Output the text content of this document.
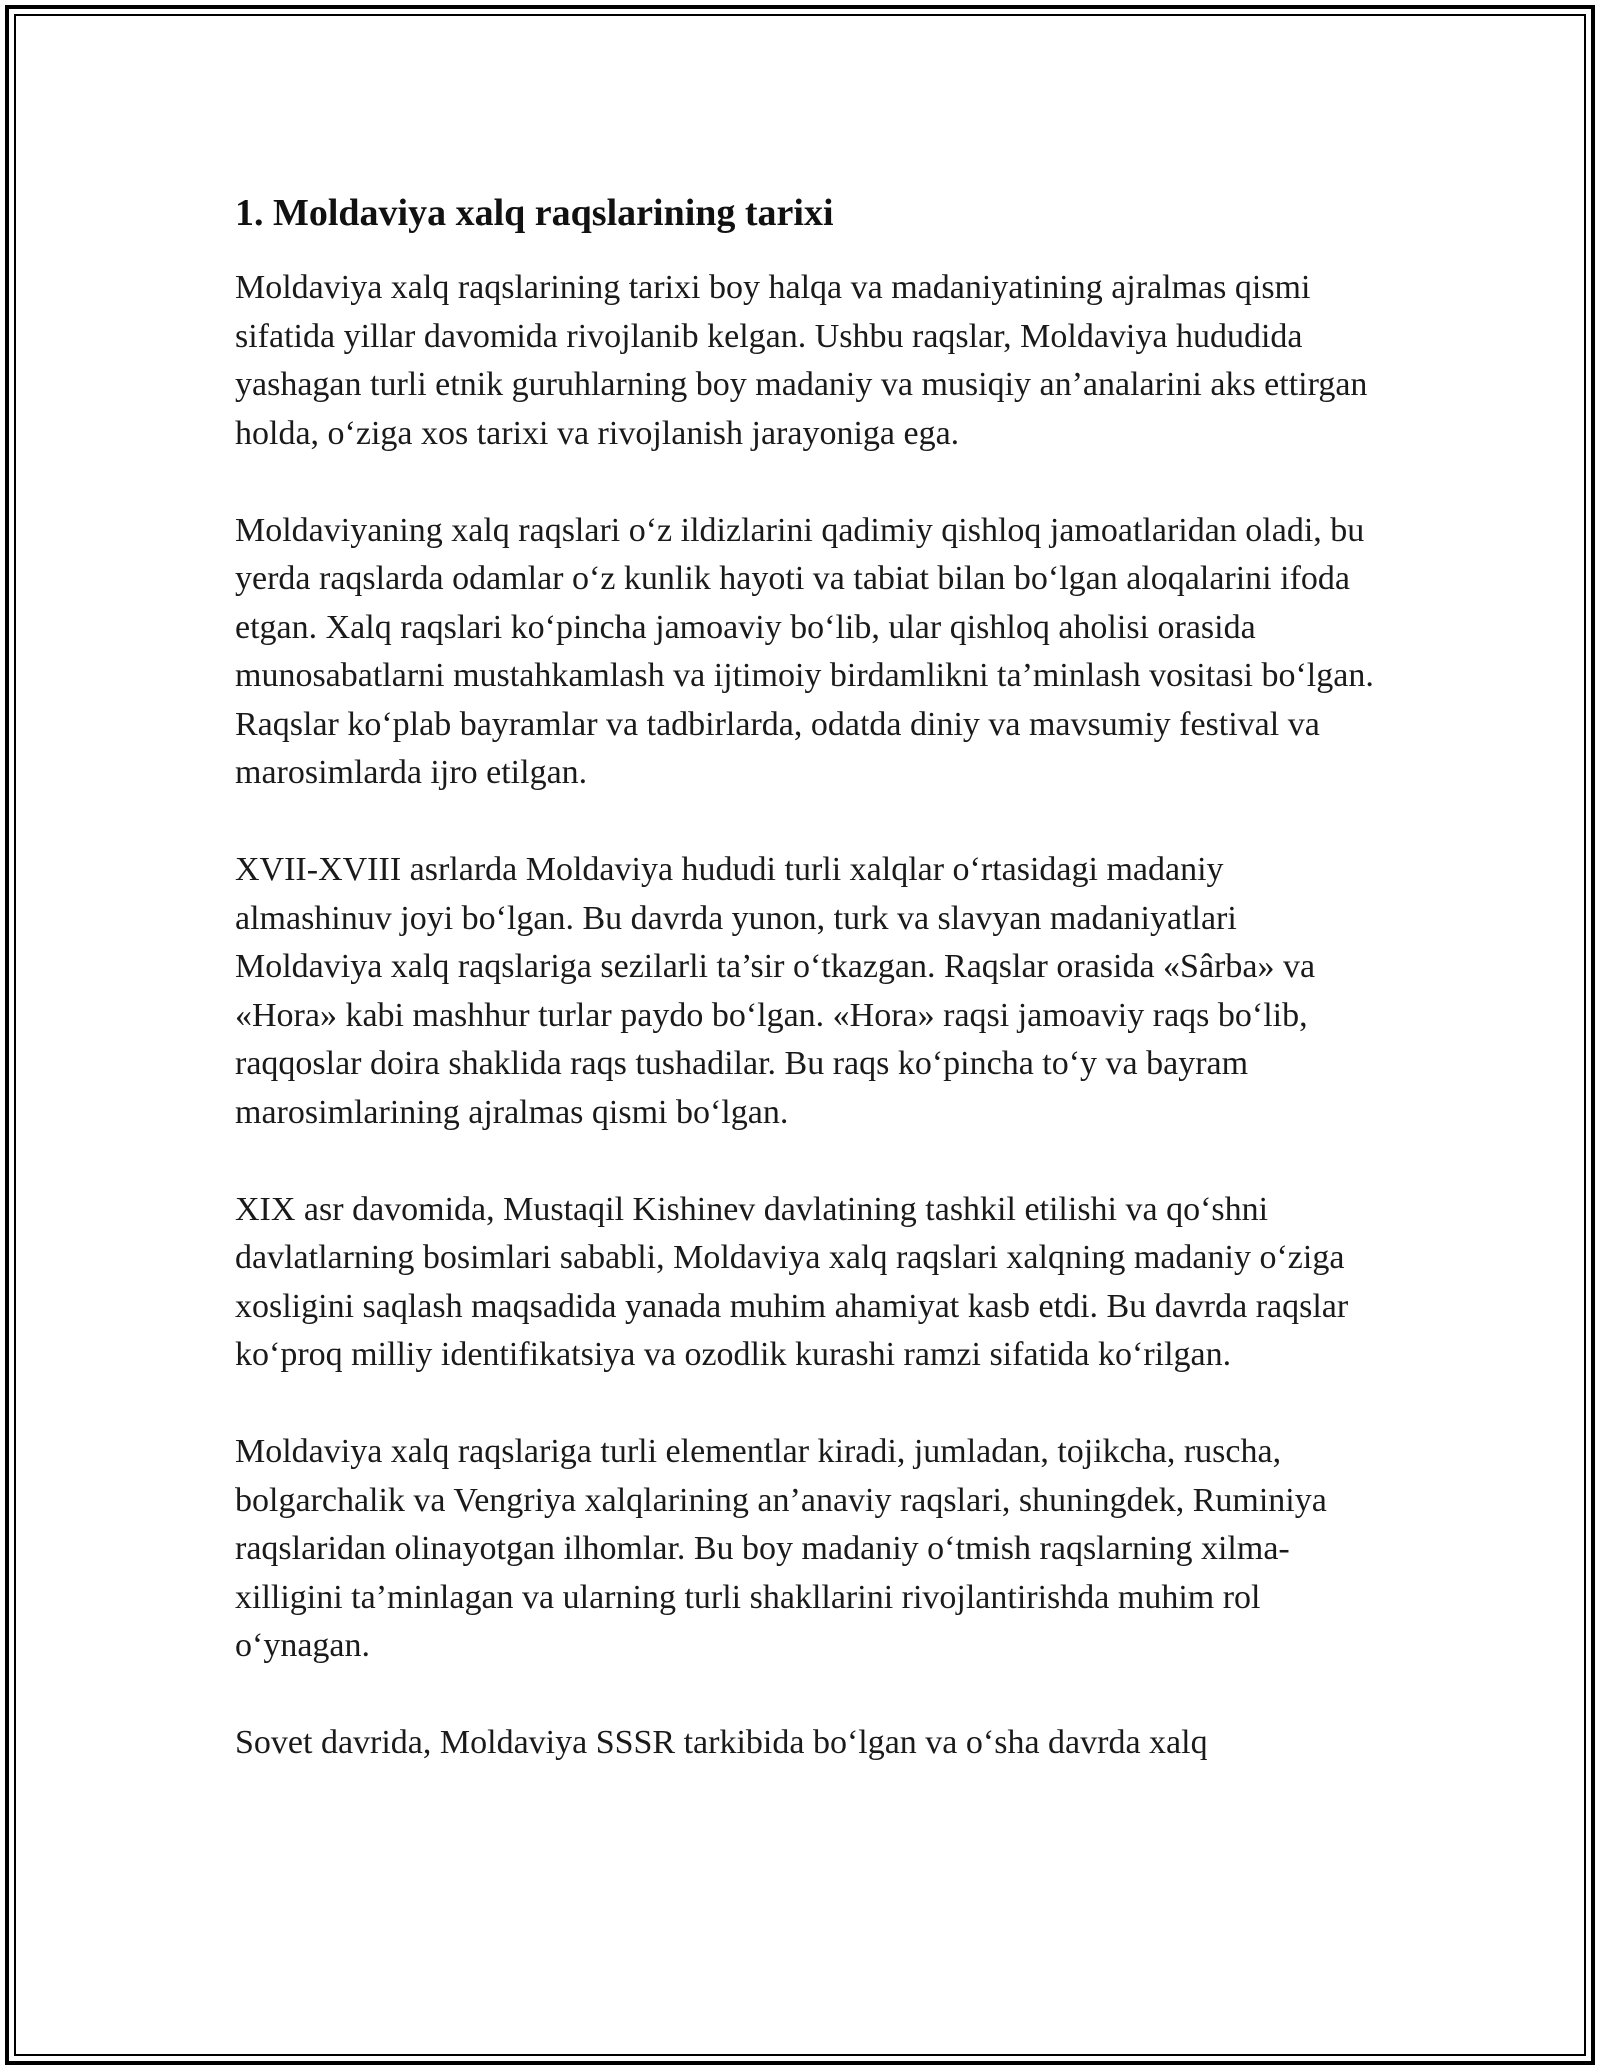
1. Moldaviya xalq raqslarining tarixi

Moldaviya xalq raqslarining tarixi boy halqa va madaniyatining ajralmas qismi sifatida yillar davomida rivojlanib kelgan. Ushbu raqslar, Moldaviya hududida yashagan turli etnik guruhlarning boy madaniy va musiqiy an’analarini aks ettirgan holda, o‘ziga xos tarixi va rivojlanish jarayoniga ega.

Moldaviyaning xalq raqslari o‘z ildizlarini qadimiy qishloq jamoatlaridan oladi, bu yerda raqslarda odamlar o‘z kunlik hayoti va tabiat bilan bo‘lgan aloqalarini ifoda etgan. Xalq raqslari ko‘pincha jamoaviy bo‘lib, ular qishloq aholisi orasida munosabatlarni mustahkamlash va ijtimoiy birdamlikni ta’minlash vositasi bo‘lgan. Raqslar ko‘plab bayramlar va tadbirlarda, odatda diniy va mavsumiy festival va marosimlarda ijro etilgan.

XVII-XVIII asrlarda Moldaviya hududi turli xalqlar o‘rtasidagi madaniy almashinuv joyi bo‘lgan. Bu davrda yunon, turk va slavyan madaniyatlari Moldaviya xalq raqslariga sezilarli ta’sir o‘tkazgan. Raqslar orasida «Sârba» va «Hora» kabi mashhur turlar paydo bo‘lgan. «Hora» raqsi jamoaviy raqs bo‘lib, raqqoslar doira shaklida raqs tushadilar. Bu raqs ko‘pincha to‘y va bayram marosimlarining ajralmas qismi bo‘lgan.

XIX asr davomida, Mustaqil Kishinev davlatining tashkil etilishi va qo‘shni davlatlarning bosimlari sababli, Moldaviya xalq raqslari xalqning madaniy o‘ziga xosligini saqlash maqsadida yanada muhim ahamiyat kasb etdi. Bu davrda raqslar ko‘proq milliy identifikatsiya va ozodlik kurashi ramzi sifatida ko‘rilgan.

Moldaviya xalq raqslariga turli elementlar kiradi, jumladan, tojikcha, ruscha, bolgarchalik va Vengriya xalqlarining an’anaviy raqslari, shuningdek, Ruminiya raqslaridan olinayotgan ilhomlar. Bu boy madaniy o‘tmish raqslarning xilma-xilligini ta’minlagan va ularning turli shakllarini rivojlantirishda muhim rol o‘ynagan.

Sovet davrida, Moldaviya SSSR tarkibida bo‘lgan va o‘sha davrda xalq
